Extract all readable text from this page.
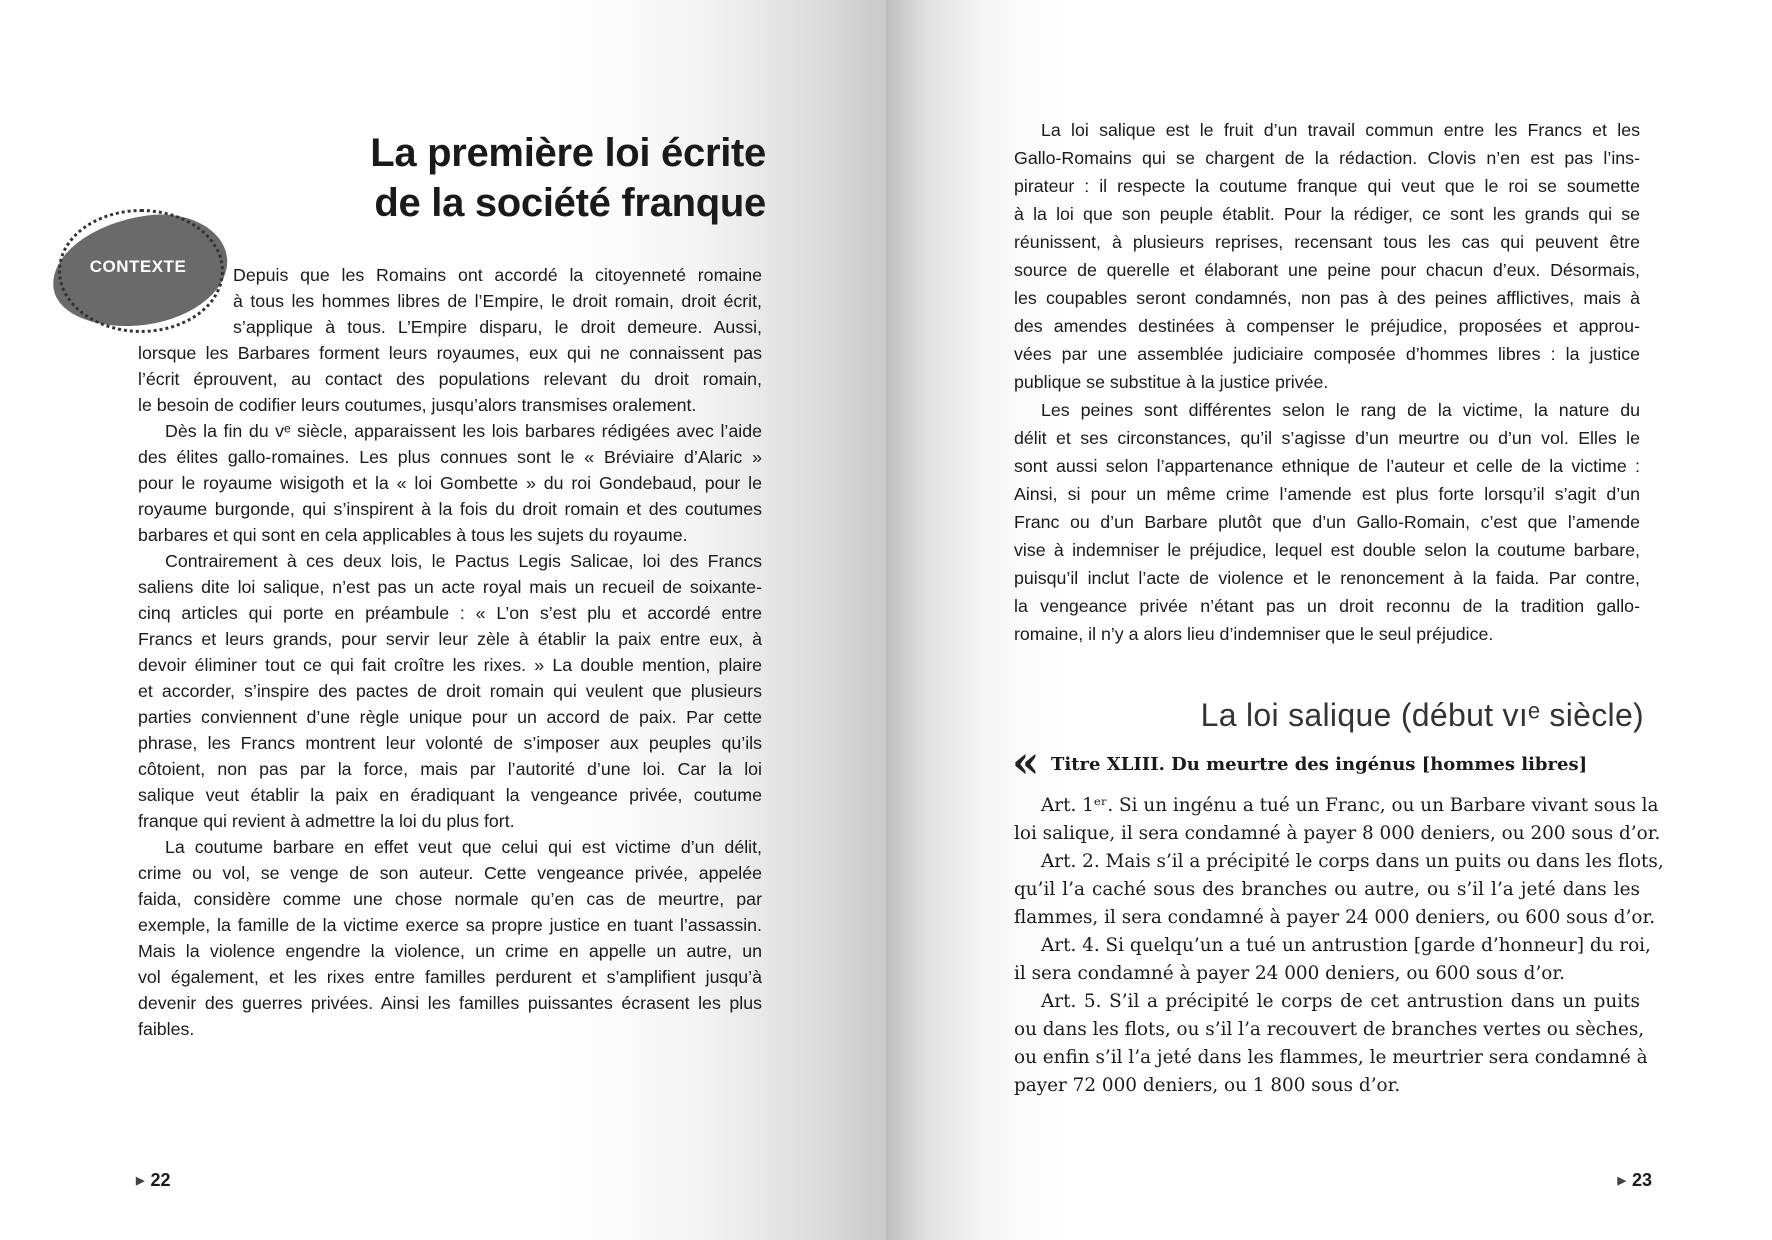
La première loi écrite
de la société franque
CONTEXTE	Depuis que les Romains ont accordé la citoyenneté romaine
à tous les hommes libres de l’Empire, le droit romain, droit écrit,
s’applique à tous. L’Empire disparu, le droit demeure. Aussi,
lorsque les Barbares forment leurs royaumes, eux qui ne connaissent pas
l’écrit éprouvent, au contact des populations relevant du droit romain,
le besoin de codifier leurs coutumes, jusqu’alors transmises oralement.
Dès la fin du vᵉ siècle, apparaissent les lois barbares rédigées avec l’aide
des élites gallo-romaines. Les plus connues sont le « Bréviaire d’Alaric »
pour le royaume wisigoth et la « loi Gombette » du roi Gondebaud, pour le
royaume burgonde, qui s’inspirent à la fois du droit romain et des coutumes
barbares et qui sont en cela applicables à tous les sujets du royaume.
Contrairement à ces deux lois, le Pactus Legis Salicae, loi des Francs
saliens dite loi salique, n’est pas un acte royal mais un recueil de soixante-
cinq articles qui porte en préambule : « L’on s’est plu et accordé entre
Francs et leurs grands, pour servir leur zèle à établir la paix entre eux, à
devoir éliminer tout ce qui fait croître les rixes. » La double mention, plaire
et accorder, s’inspire des pactes de droit romain qui veulent que plusieurs
parties conviennent d’une règle unique pour un accord de paix. Par cette
phrase, les Francs montrent leur volonté de s’imposer aux peuples qu’ils
côtoient, non pas par la force, mais par l’autorité d’une loi. Car la loi
salique veut établir la paix en éradiquant la vengeance privée, coutume
franque qui revient à admettre la loi du plus fort.
La coutume barbare en effet veut que celui qui est victime d’un délit,
crime ou vol, se venge de son auteur. Cette vengeance privée, appelée
faida, considère comme une chose normale qu’en cas de meurtre, par
exemple, la famille de la victime exerce sa propre justice en tuant l’assassin.
Mais la violence engendre la violence, un crime en appelle un autre, un
vol également, et les rixes entre familles perdurent et s’amplifient jusqu’à
devenir des guerres privées. Ainsi les familles puissantes écrasent les plus
faibles.
▶ 22
La loi salique est le fruit d’un travail commun entre les Francs et les
Gallo-Romains qui se chargent de la rédaction. Clovis n’en est pas l’ins-
pirateur : il respecte la coutume franque qui veut que le roi se soumette
à la loi que son peuple établit. Pour la rédiger, ce sont les grands qui se
réunissent, à plusieurs reprises, recensant tous les cas qui peuvent être
source de querelle et élaborant une peine pour chacun d’eux. Désormais,
les coupables seront condamnés, non pas à des peines afflictives, mais à
des amendes destinées à compenser le préjudice, proposées et approu-
vées par une assemblée judiciaire composée d’hommes libres : la justice
publique se substitue à la justice privée.
Les peines sont différentes selon le rang de la victime, la nature du
délit et ses circonstances, qu’il s’agisse d’un meurtre ou d’un vol. Elles le
sont aussi selon l’appartenance ethnique de l’auteur et celle de la victime :
Ainsi, si pour un même crime l’amende est plus forte lorsqu’il s’agit d’un
Franc ou d’un Barbare plutôt que d’un Gallo-Romain, c’est que l’amende
vise à indemniser le préjudice, lequel est double selon la coutume barbare,
puisqu’il inclut l’acte de violence et le renoncement à la faida. Par contre,
la vengeance privée n’étant pas un droit reconnu de la tradition gallo-
romaine, il n’y a alors lieu d’indemniser que le seul préjudice.
La loi salique (début vıᵉ siècle)
« Titre XLIII. Du meurtre des ingénus [hommes libres]
Art. 1ᵉʳ. Si un ingénu a tué un Franc, ou un Barbare vivant sous la
loi salique, il sera condamné à payer 8 000 deniers, ou 200 sous d’or.
Art. 2. Mais s’il a précipité le corps dans un puits ou dans les flots,
qu’il l’a caché sous des branches ou autre, ou s’il l’a jeté dans les
flammes, il sera condamné à payer 24 000 deniers, ou 600 sous d’or.
Art. 4. Si quelqu’un a tué un antrustion [garde d’honneur] du roi,
il sera condamné à payer 24 000 deniers, ou 600 sous d’or.
Art. 5. S’il a précipité le corps de cet antrustion dans un puits
ou dans les flots, ou s’il l’a recouvert de branches vertes ou sèches,
ou enfin s’il l’a jeté dans les flammes, le meurtrier sera condamné à
payer 72 000 deniers, ou 1 800 sous d’or.
▶ 23
